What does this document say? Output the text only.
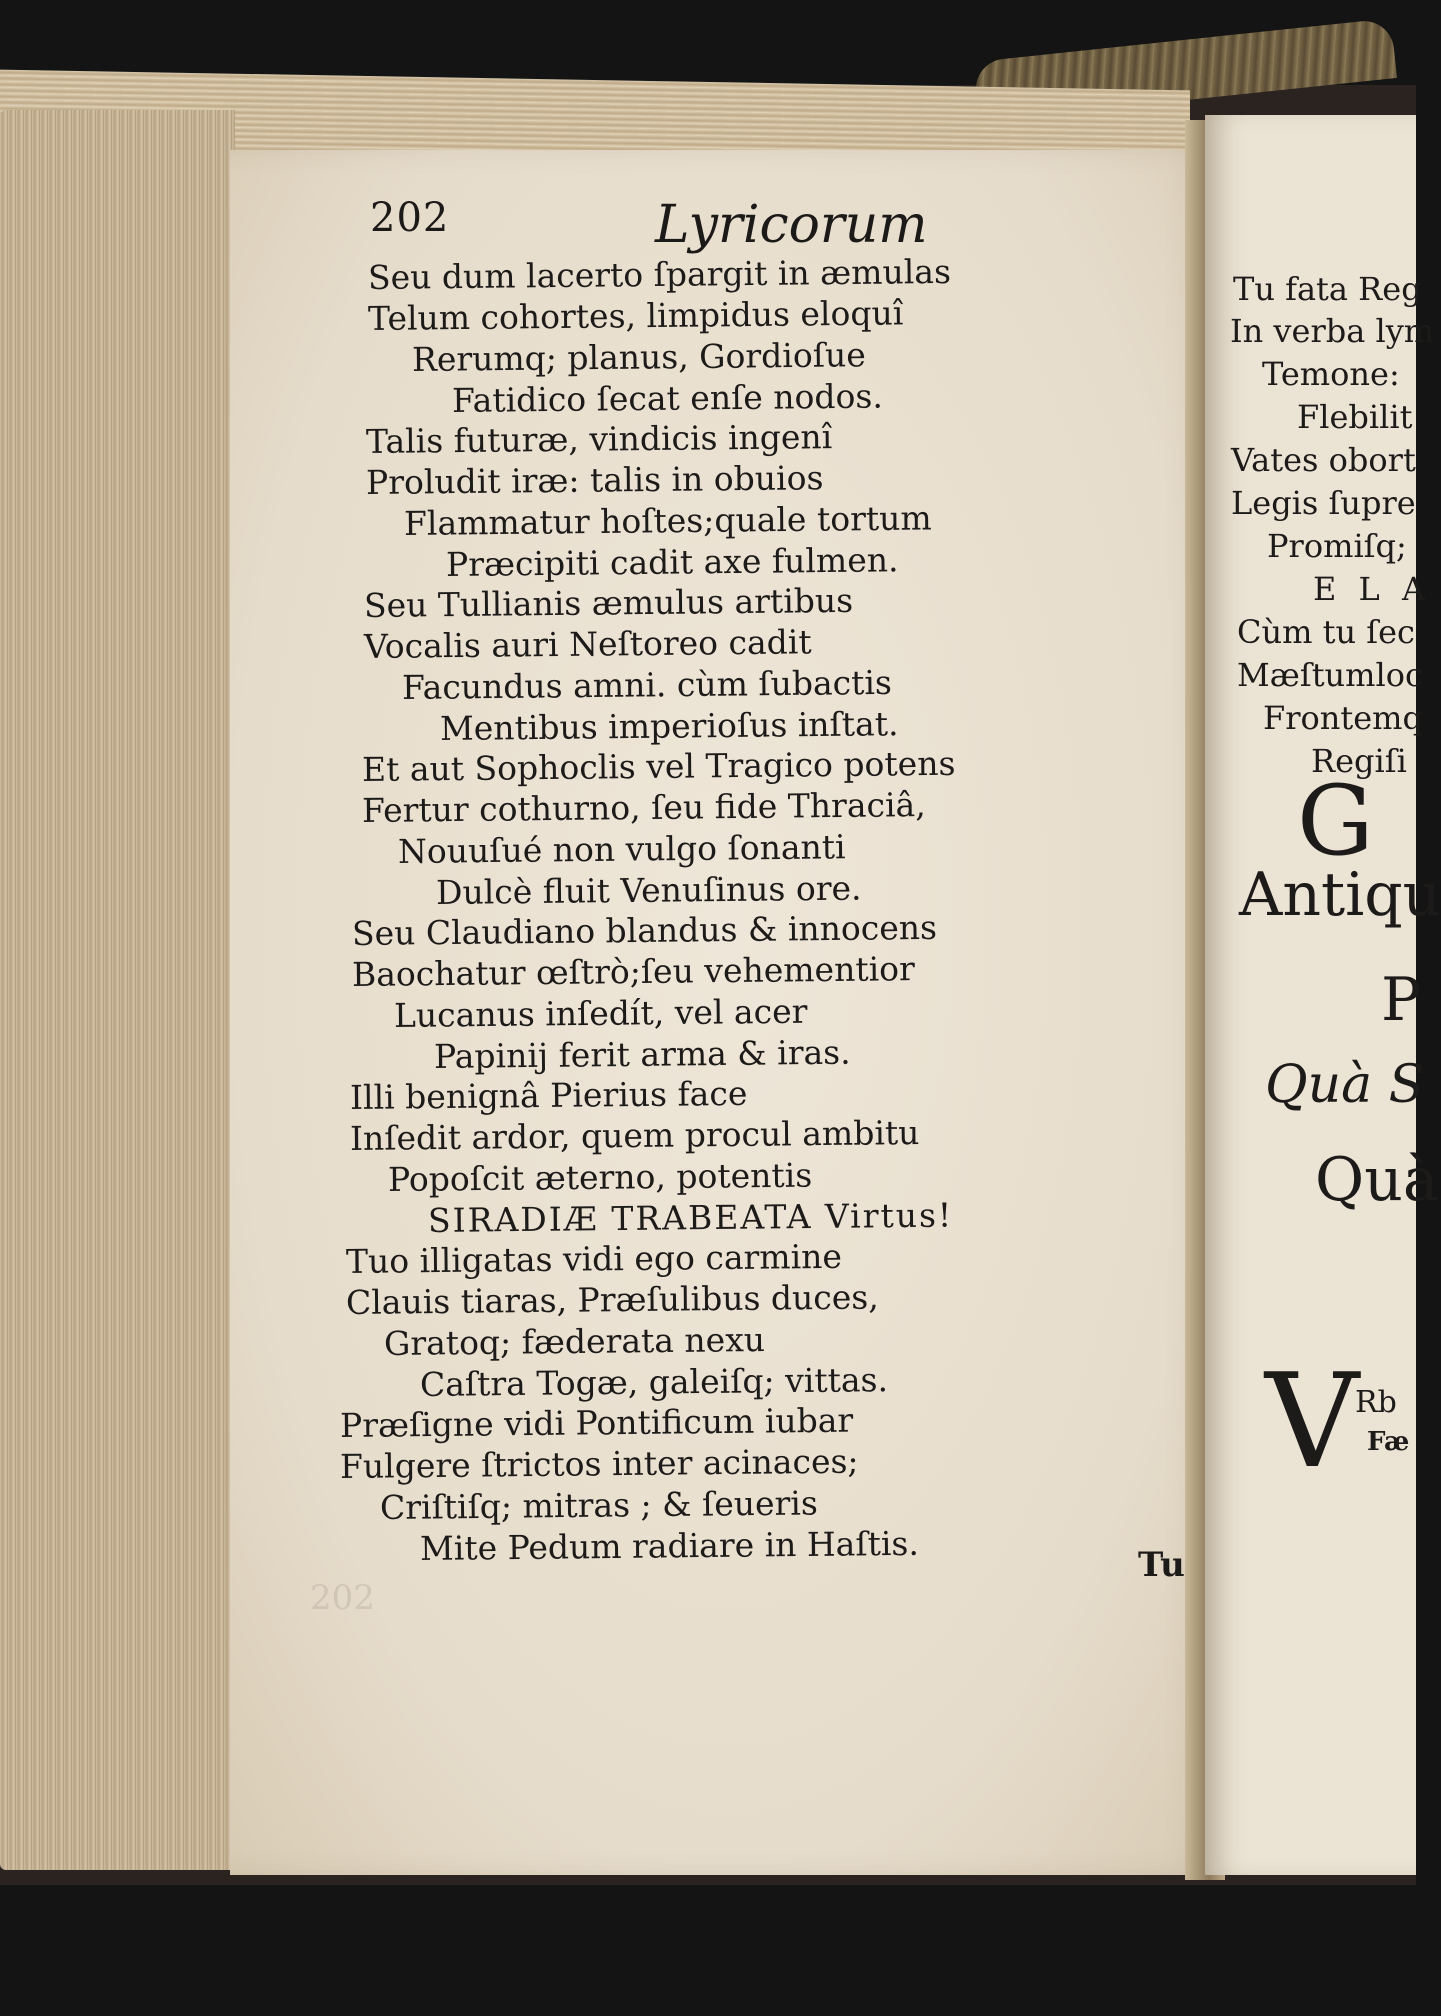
202	Lyricorum
Seu dum lacerto ſpargit in æmulas
Telum cohortes, limpidus eloquî
Rerumq; planus, Gordioſue
Fatidico ſecat enſe nodos.
Talis futuræ, vindicis ingenî
Proludit iræ: talis in obuios
Flammatur hoſtes;quale tortum
Præcipiti cadit axe fulmen.
Seu Tullianis æmulus artibus
Vocalis auri Neſtoreo cadit
Facundus amni. cùm ſubactis
Mentibus imperioſus inſtat.
Et aut Sophoclis vel Tragico potens
Fertur cothurno, ſeu fide Thraciâ,
Nouuſué non vulgo ſonanti
Dulcè fluit Venuſinus ore.
Seu Claudiano blandus & innocens
Baochatur œſtrò;ſeu vehementior
Lucanus inſedít, vel acer
Papinij ferit arma & iras.
Illi benignâ Pierius face
Inſedit ardor, quem procul ambitu
Popoſcit æterno, potentis
SIRADIÆ TRABEATA Virtus!
Tuo illigatas vidi ego carmine
Clauis tiaras, Præſulibus duces,
Gratoq; fæderata nexu
Caſtra Togæ, galeiſq; vittas.
Præſigne vidi Pontificum iubar
Fulgere ſtrictos inter acinaces;
Criſtiſq; mitras ; & ſeueris
Mite Pedum radiare in Haſtis.	Tu
202
Tu fata Reg
In verba lym
Temone:
Flebilit
Vates obort
Legis ſupre
Promiſq;
E L A
Cùm tu ſec
Mæſtumloc
Frontemq
Regiſi
G
Antiqu
P
Quà S
Quà
V
Rb
Fæ
